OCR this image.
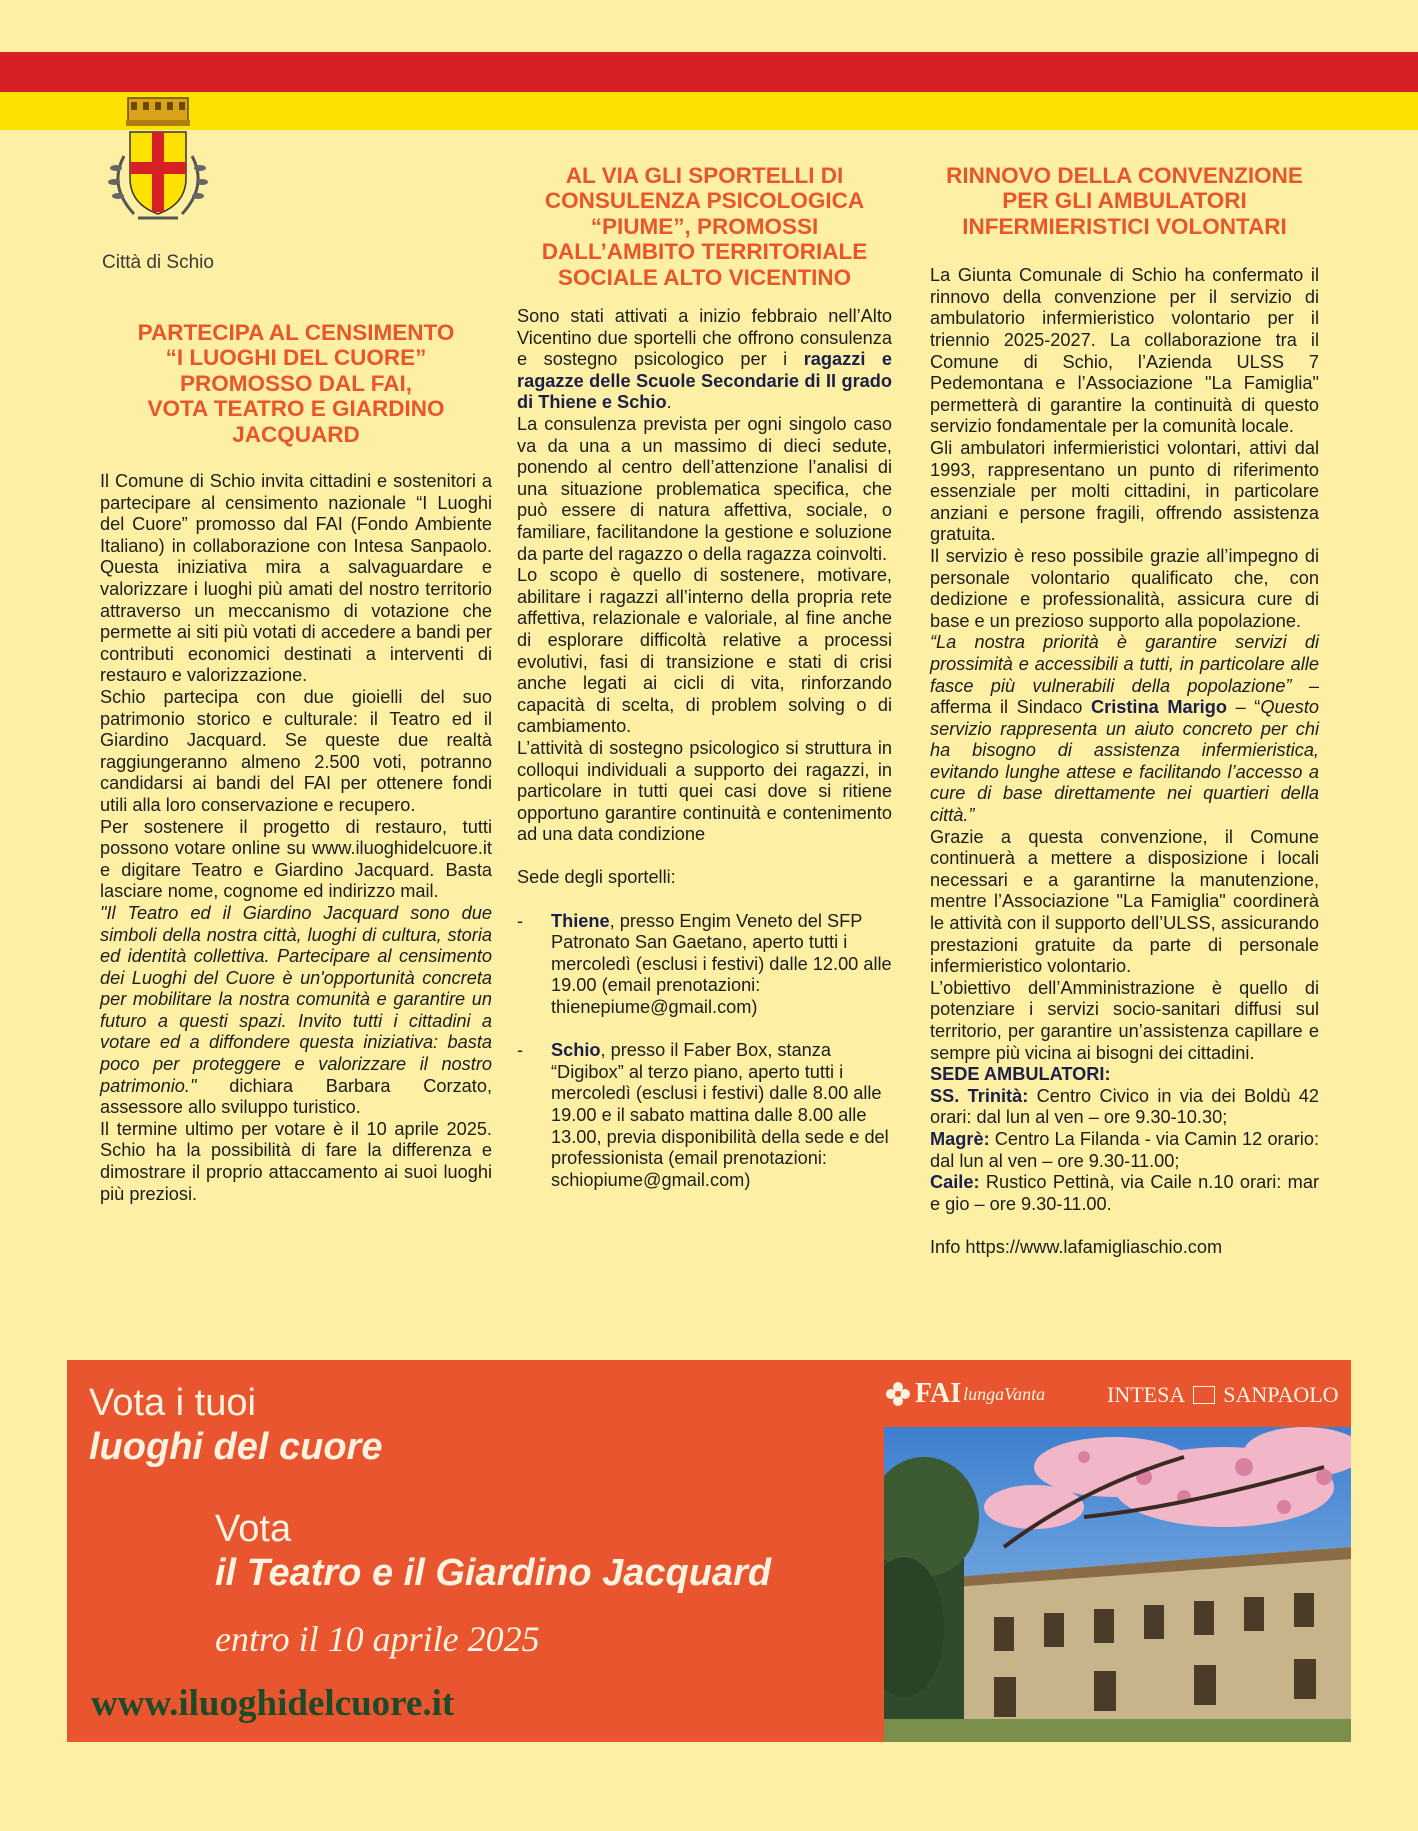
Città di Schio
PARTECIPA AL CENSIMENTO
“I LUOGHI DEL CUORE”
PROMOSSO DAL FAI,
VOTA TEATRO E GIARDINO
JACQUARD

Il Comune di Schio invita cittadini e sostenitori a partecipare al censimento nazionale “I Luoghi del Cuore” promosso dal FAI (Fondo Ambiente Italiano) in collaborazione con Intesa Sanpaolo. Questa iniziativa mira a salvaguardare e valorizzare i luoghi più amati del nostro territorio attraverso un meccanismo di votazione che permette ai siti più votati di accedere a bandi per contributi economici destinati a interventi di restauro e valorizzazione.

Schio partecipa con due gioielli del suo patrimonio storico e culturale: il Teatro ed il Giardino Jacquard. Se queste due realtà raggiungeranno almeno 2.500 voti, potranno candidarsi ai bandi del FAI per ottenere fondi utili alla loro conservazione e recupero.

Per sostenere il progetto di restauro, tutti possono votare online su www.iluoghidelcuore.it e digitare Teatro e Giardino Jacquard. Basta lasciare nome, cognome ed indirizzo mail.

"Il Teatro ed il Giardino Jacquard sono due simboli della nostra città, luoghi di cultura, storia ed identità collettiva. Partecipare al censimento dei Luoghi del Cuore è un'opportunità concreta per mobilitare la nostra comunità e garantire un futuro a questi spazi. Invito tutti i cittadini a votare ed a diffondere questa iniziativa: basta poco per proteggere e valorizzare il nostro patrimonio." dichiara Barbara Corzato, assessore allo sviluppo turistico.

Il termine ultimo per votare è il 10 aprile 2025. Schio ha la possibilità di fare la differenza e dimostrare il proprio attaccamento ai suoi luoghi più preziosi.

AL VIA GLI SPORTELLI DI
CONSULENZA PSICOLOGICA
“PIUME”, PROMOSSI
DALL’AMBITO TERRITORIALE
SOCIALE ALTO VICENTINO

Sono stati attivati a inizio febbraio nell’Alto Vicentino due sportelli che offrono consulenza e sostegno psicologico per i ragazzi e ragazze delle Scuole Secondarie di II grado di Thiene e Schio.

La consulenza prevista per ogni singolo caso va da una a un massimo di dieci sedute, ponendo al centro dell’attenzione l’analisi di una situazione problematica specifica, che può essere di natura affettiva, sociale, o familiare, facilitandone la gestione e soluzione da parte del ragazzo o della ragazza coinvolti.

Lo scopo è quello di sostenere, motivare, abilitare i ragazzi all’interno della propria rete affettiva, relazionale e valoriale, al fine anche di esplorare difficoltà relative a processi evolutivi, fasi di transizione e stati di crisi anche legati ai cicli di vita, rinforzando capacità di scelta, di problem solving o di cambiamento.

L’attività di sostegno psicologico si struttura in colloqui individuali a supporto dei ragazzi, in particolare in tutti quei casi dove si ritiene opportuno garantire continuità e contenimento ad una data condizione

Sede degli sportelli:

-	Thiene, presso Engim Veneto del SFP Patronato San Gaetano, aperto tutti i mercoledì (esclusi i festivi) dalle 12.00 alle 19.00 (email prenotazioni: thienepiume@gmail.com)
-	Schio, presso il Faber Box, stanza “Digibox” al terzo piano, aperto tutti i mercoledì (esclusi i festivi) dalle 8.00 alle 19.00 e il sabato mattina dalle 8.00 alle 13.00, previa disponibilità della sede e del professionista (email prenotazioni: schiopiume@gmail.com)
RINNOVO DELLA CONVENZIONE
PER GLI AMBULATORI
INFERMIERISTICI VOLONTARI

La Giunta Comunale di Schio ha confermato il rinnovo della convenzione per il servizio di ambulatorio infermieristico volontario per il triennio 2025-2027. La collaborazione tra il Comune di Schio, l’Azienda ULSS 7 Pedemontana e l’Associazione "La Famiglia" permetterà di garantire la continuità di questo servizio fondamentale per la comunità locale.

Gli ambulatori infermieristici volontari, attivi dal 1993, rappresentano un punto di riferimento essenziale per molti cittadini, in particolare anziani e persone fragili, offrendo assistenza gratuita.

Il servizio è reso possibile grazie all’impegno di personale volontario qualificato che, con dedizione e professionalità, assicura cure di base e un prezioso supporto alla popolazione.

“La nostra priorità è garantire servizi di prossimità e accessibili a tutti, in particolare alle fasce più vulnerabili della popolazione” – afferma il Sindaco Cristina Marigo – “Questo servizio rappresenta un aiuto concreto per chi ha bisogno di assistenza infermieristica, evitando lunghe attese e facilitando l’accesso a cure di base direttamente nei quartieri della città.”

Grazie a questa convenzione, il Comune continuerà a mettere a disposizione i locali necessari e a garantirne la manutenzione, mentre l’Associazione "La Famiglia" coordinerà le attività con il supporto dell’ULSS, assicurando prestazioni gratuite da parte di personale infermieristico volontario.

L’obiettivo dell’Amministrazione è quello di potenziare i servizi socio-sanitari diffusi sul territorio, per garantire un’assistenza capillare e sempre più vicina ai bisogni dei cittadini.

SEDE AMBULATORI:

SS. Trinità: Centro Civico in via dei Boldù 42 orari: dal lun al ven – ore 9.30-10.30;

Magrè: Centro La Filanda - via Camin 12 orario: dal lun al ven – ore 9.30-11.00;

Caile: Rustico Pettinà, via Caile n.10 orari: mar e gio – ore 9.30-11.00.

Info https://www.lafamigliaschio.com

Vota i tuoi
luoghi del cuore
Vota
il Teatro e il Giardino Jacquard
entro il 10 aprile 2025
www.iluoghidelcuore.it
FAI lungaVanta	INTESA SANPAOLO
